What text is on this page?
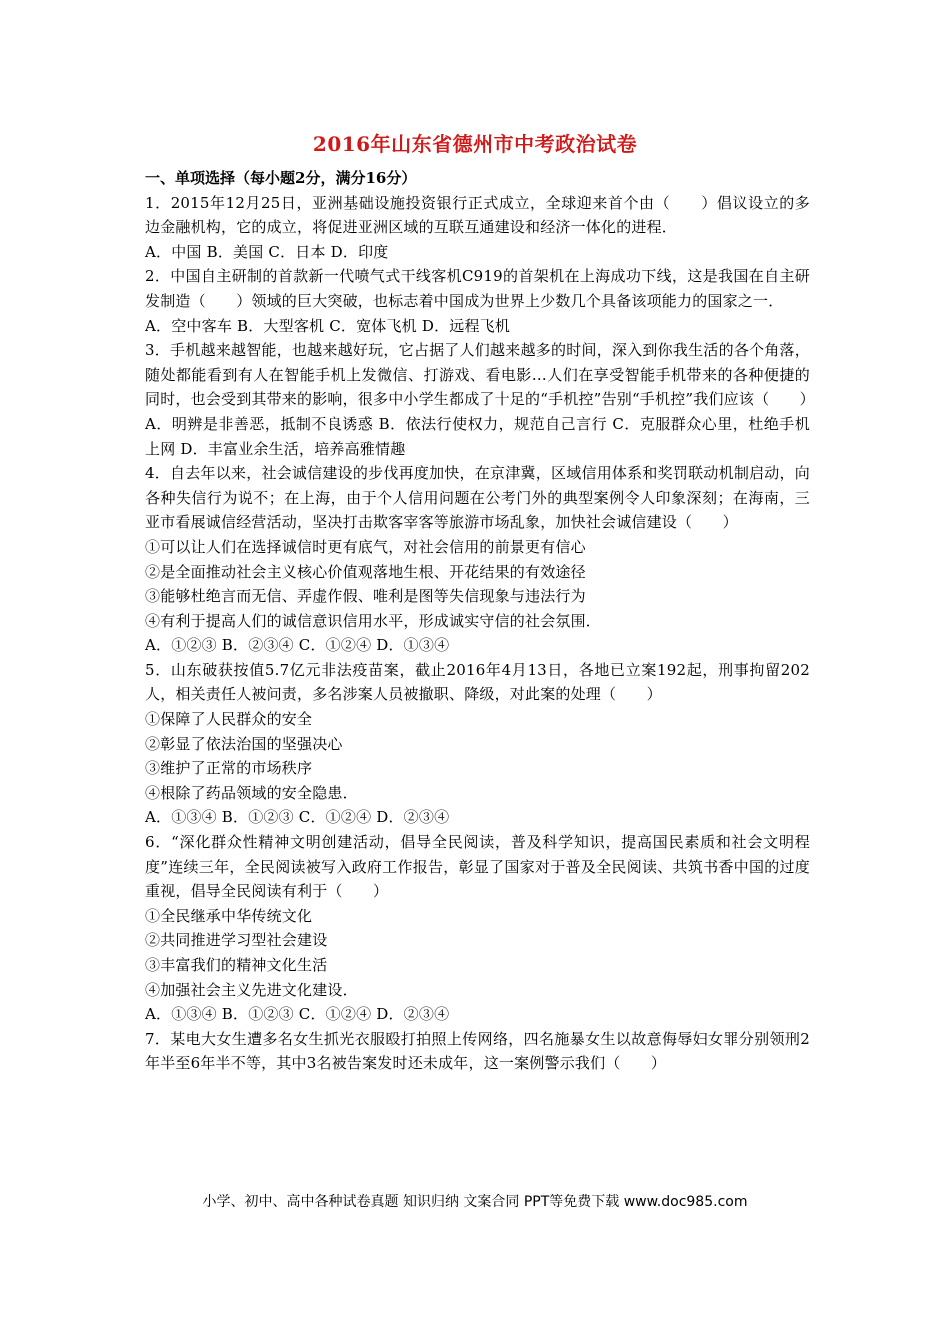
2016年山东省德州市中考政治试卷

一、单项选择（每小题2分，满分16分）

1．2015年12月25日，亚洲基础设施投资银行正式成立，全球迎来首个由（　　）倡议设立的多边金融机构，它的成立，将促进亚洲区域的互联互通建设和经济一体化的进程．

A．中国 B．美国 C．日本 D．印度

2．中国自主研制的首款新一代喷气式干线客机C919的首架机在上海成功下线，这是我国在自主研发制造（　　）领域的巨大突破，也标志着中国成为世界上少数几个具备该项能力的国家之一．

A．空中客车 B．大型客机 C．宽体飞机 D．远程飞机

3．手机越来越智能，也越来越好玩，它占据了人们越来越多的时间，深入到你我生活的各个角落，随处都能看到有人在智能手机上发微信、打游戏、看电影…人们在享受智能手机带来的各种便捷的同时，也会受到其带来的影响，很多中小学生都成了十足的“手机控”告别“手机控”我们应该（　　）

A．明辨是非善恶，抵制不良诱惑 B．依法行使权力，规范自己言行 C．克服群众心里，杜绝手机上网 D．丰富业余生活，培养高雅情趣

4．自去年以来，社会诚信建设的步伐再度加快，在京津冀，区域信用体系和奖罚联动机制启动，向各种失信行为说不；在上海，由于个人信用问题在公考门外的典型案例令人印象深刻；在海南，三亚市看展诚信经营活动，坚决打击欺客宰客等旅游市场乱象，加快社会诚信建设（　　）

①可以让人们在选择诚信时更有底气，对社会信用的前景更有信心

②是全面推动社会主义核心价值观落地生根、开花结果的有效途径

③能够杜绝言而无信、弄虚作假、唯利是图等失信现象与违法行为

④有利于提高人们的诚信意识信用水平，形成诚实守信的社会氛围．

A．①②③ B．②③④ C．①②④ D．①③④

5．山东破获按值5.7亿元非法疫苗案，截止2016年4月13日，各地已立案192起，刑事拘留202人，相关责任人被问责，多名涉案人员被撤职、降级，对此案的处理（　　）

①保障了人民群众的安全

②彰显了依法治国的坚强决心

③维护了正常的市场秩序

④根除了药品领域的安全隐患．

A．①③④ B．①②③ C．①②④ D．②③④

6．“深化群众性精神文明创建活动，倡导全民阅读，普及科学知识，提高国民素质和社会文明程度”连续三年，全民阅读被写入政府工作报告，彰显了国家对于普及全民阅读、共筑书香中国的过度重视，倡导全民阅读有利于（　　）

①全民继承中华传统文化

②共同推进学习型社会建设

③丰富我们的精神文化生活

④加强社会主义先进文化建设．

A．①③④ B．①②③ C．①②④ D．②③④

7．某电大女生遭多名女生抓光衣服殴打拍照上传网络，四名施暴女生以故意侮辱妇女罪分别领刑2年半至6年半不等，其中3名被告案发时还未成年，这一案例警示我们（　　）

小学、初中、高中各种试卷真题 知识归纳 文案合同 PPT等免费下载 www.doc985.com
